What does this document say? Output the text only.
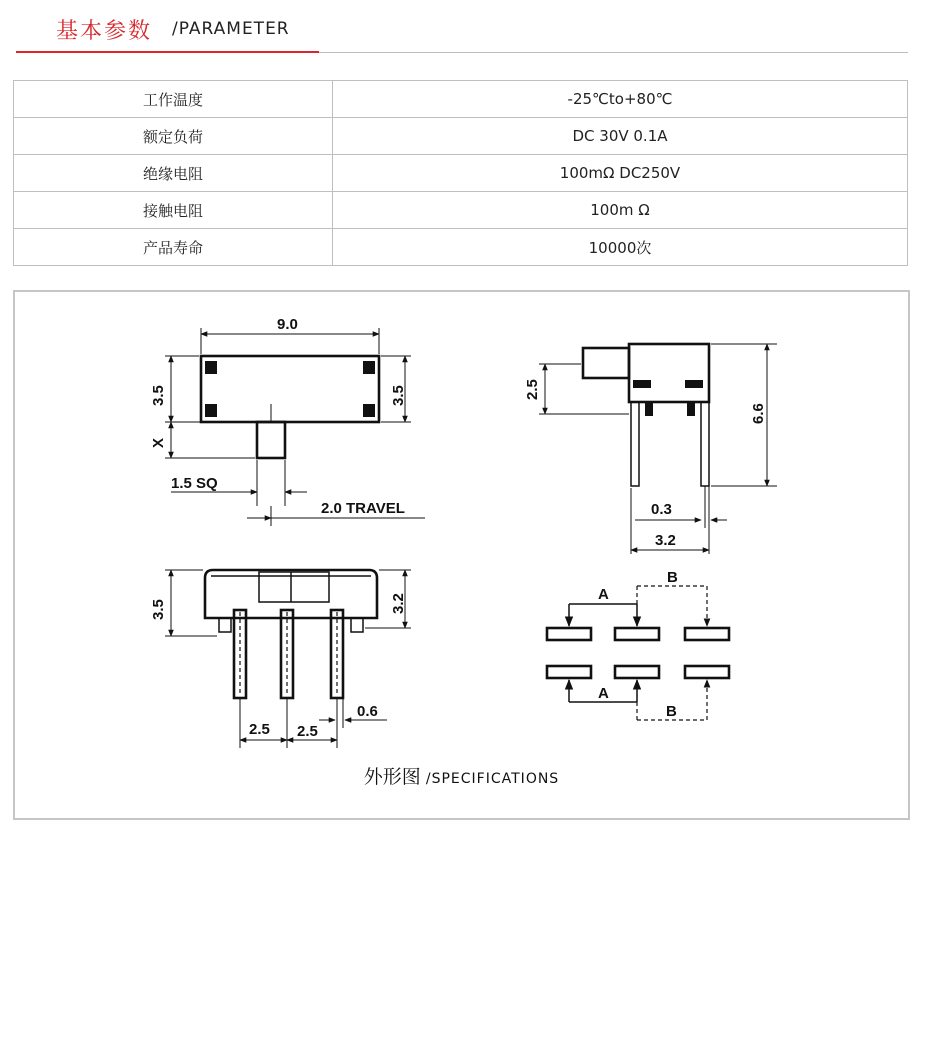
基本参数 /PARAMETER
工作温度	-25℃to+80℃
额定负荷	DC 30V 0.1A
绝缘电阻	100mΩ DC250V
接触电阻	100m Ω
产品寿命	10000次
9.0
3.5
X
3.5
1.5 SQ
2.0 TRAVEL
2.5
6.6
0.3
3.2
3.5	3.2
2.5 2.5
0.6
A
B
A
B
外形图 /SPECIFICATIONS
